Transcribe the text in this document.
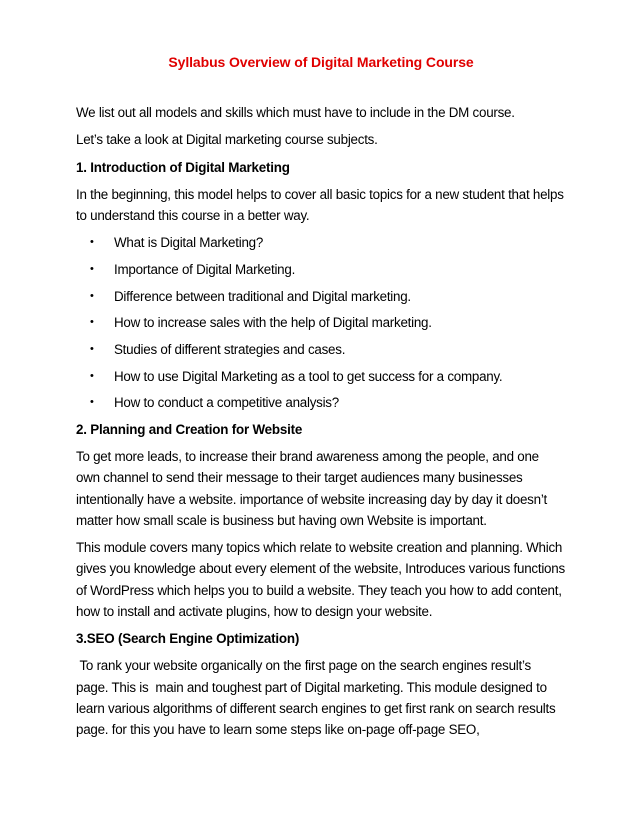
Syllabus Overview of Digital Marketing Course

We list out all models and skills which must have to include in the DM course.

Let’s take a look at Digital marketing course subjects.

1. Introduction of Digital Marketing

In the beginning, this model helps to cover all basic topics for a new student that helps to understand this course in a better way.

• What is Digital Marketing?
• Importance of Digital Marketing.
• Difference between traditional and Digital marketing.
• How to increase sales with the help of Digital marketing.
• Studies of different strategies and cases.
• How to use Digital Marketing as a tool to get success for a company.
• How to conduct a competitive analysis?
2. Planning and Creation for Website

To get more leads, to increase their brand awareness among the people, and one own channel to send their message to their target audiences many businesses intentionally have a website. importance of website increasing day by day it doesn’t matter how small scale is business but having own Website is important.

This module covers many topics which relate to website creation and planning. Which gives you knowledge about every element of the website, Introduces various functions of WordPress which helps you to build a website. They teach you how to add content, how to install and activate plugins, how to design your website.

3.SEO (Search Engine Optimization)

To rank your website organically on the first page on the search engines result’s page. This is  main and toughest part of Digital marketing. This module designed to learn various algorithms of different search engines to get first rank on search results page. for this you have to learn some steps like on-page off-page SEO,
